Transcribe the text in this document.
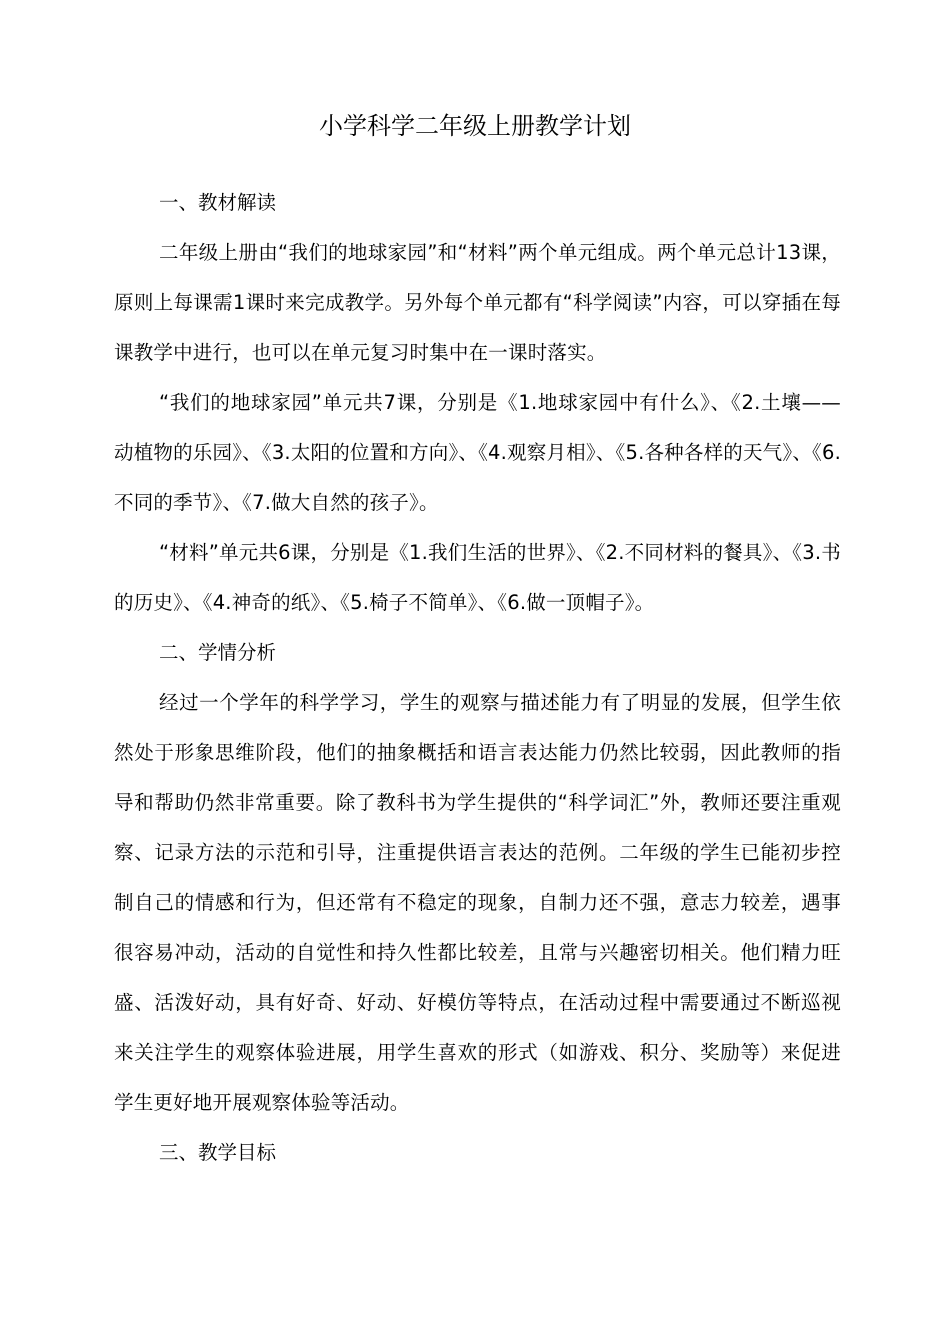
小学科学二年级上册教学计划
一、教材解读

二年级上册由“我们的地球家园”和“材料”两个单元组成。两个单元总计13课，原则上每课需1课时来完成教学。另外每个单元都有“科学阅读”内容，可以穿插在每课教学中进行，也可以在单元复习时集中在一课时落实。

“我们的地球家园”单元共7课，分别是《1.地球家园中有什么》、《2.土壤——动植物的乐园》、《3.太阳的位置和方向》、《4.观察月相》、《5.各种各样的天气》、《6.不同的季节》、《7.做大自然的孩子》。

“材料”单元共6课，分别是《1.我们生活的世界》、《2.不同材料的餐具》、《3.书的历史》、《4.神奇的纸》、《5.椅子不简单》、《6.做一顶帽子》。

二、学情分析

经过一个学年的科学学习，学生的观察与描述能力有了明显的发展，但学生依然处于形象思维阶段，他们的抽象概括和语言表达能力仍然比较弱，因此教师的指导和帮助仍然非常重要。除了教科书为学生提供的“科学词汇”外，教师还要注重观察、记录方法的示范和引导，注重提供语言表达的范例。二年级的学生已能初步控制自己的情感和行为，但还常有不稳定的现象，自制力还不强，意志力较差，遇事很容易冲动，活动的自觉性和持久性都比较差，且常与兴趣密切相关。他们精力旺盛、活泼好动，具有好奇、好动、好模仿等特点，在活动过程中需要通过不断巡视来关注学生的观察体验进展，用学生喜欢的形式（如游戏、积分、奖励等）来促进学生更好地开展观察体验等活动。

三、教学目标
